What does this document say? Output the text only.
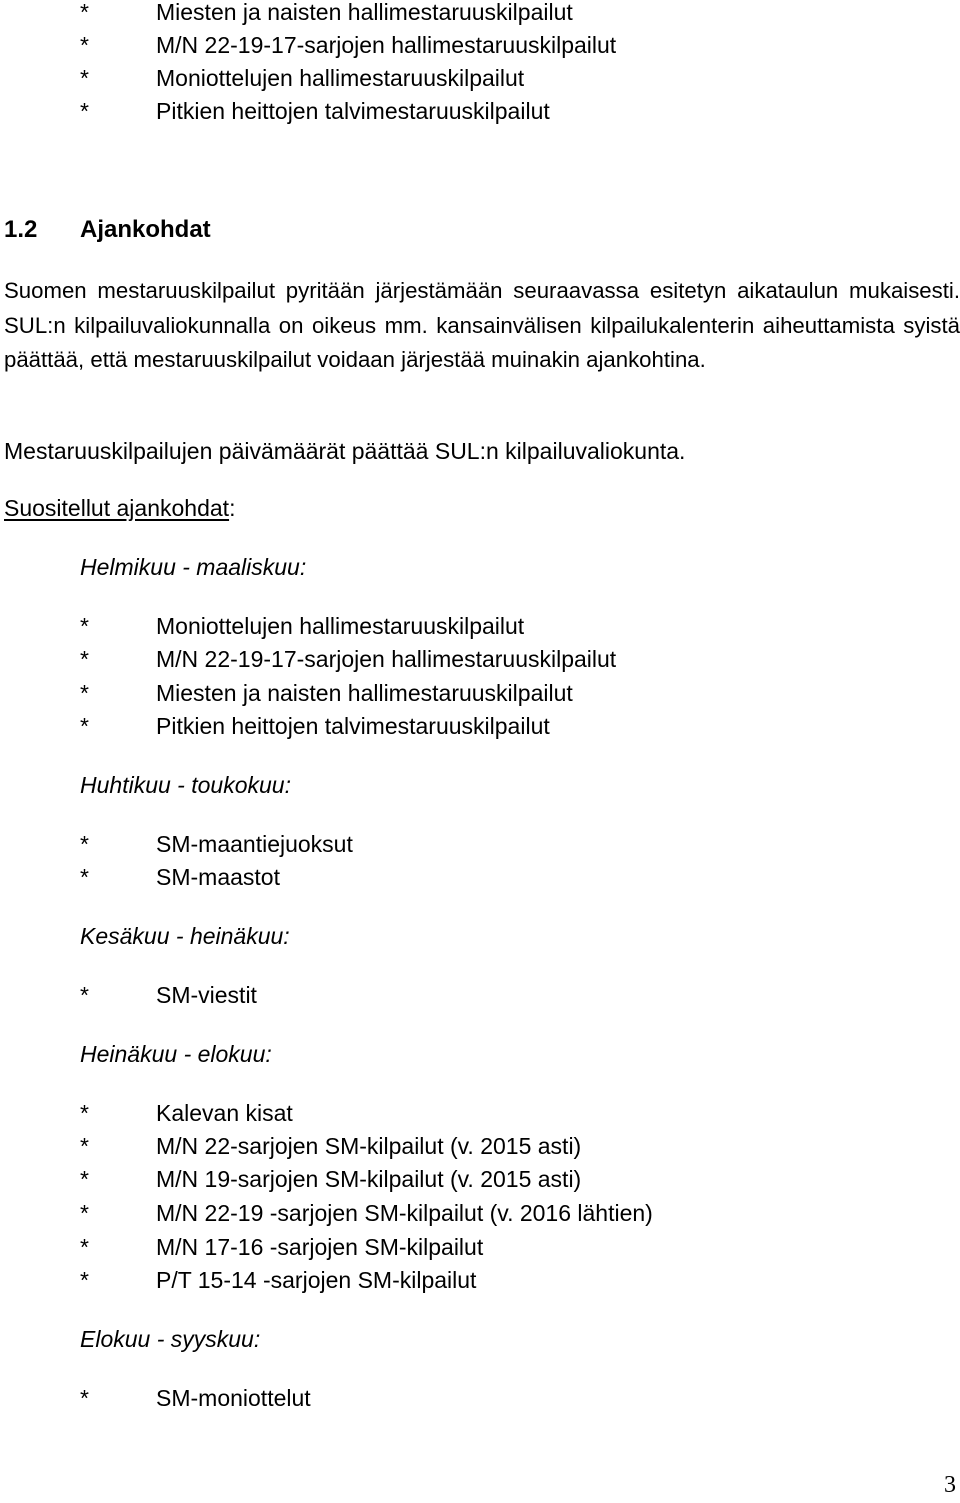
*	Miesten ja naisten hallimestaruuskilpailut
*	M/N 22-19-17-sarjojen hallimestaruuskilpailut
*	Moniottelujen hallimestaruuskilpailut
*	Pitkien heittojen talvimestaruuskilpailut
1.2 Ajankohdat
Suomen mestaruuskilpailut pyritään järjestämään seuraavassa esitetyn aikataulun mukaisesti. SUL:n kilpailuvaliokunnalla on oikeus mm. kansainvälisen kilpailukalenterin aiheuttamista syistä päättää, että mestaruuskilpailut voidaan järjestää muinakin ajankohtina.
Mestaruuskilpailujen päivämäärät päättää SUL:n kilpailuvaliokunta.
Suositellut ajankohdat:
Helmikuu - maaliskuu:
*	Moniottelujen hallimestaruuskilpailut
*	M/N 22-19-17-sarjojen hallimestaruuskilpailut
*	Miesten ja naisten hallimestaruuskilpailut
*	Pitkien heittojen talvimestaruuskilpailut
Huhtikuu - toukokuu:
*	SM-maantiejuoksut
*	SM-maastot
Kesäkuu - heinäkuu:
*	SM-viestit
Heinäkuu - elokuu:
*	Kalevan kisat
*	M/N 22-sarjojen SM-kilpailut (v. 2015 asti)
*	M/N 19-sarjojen SM-kilpailut (v. 2015 asti)
*	M/N 22-19 -sarjojen SM-kilpailut (v. 2016 lähtien)
*	M/N 17-16 -sarjojen SM-kilpailut
*	P/T 15-14 -sarjojen SM-kilpailut
Elokuu - syyskuu:
*	SM-moniottelut
3
